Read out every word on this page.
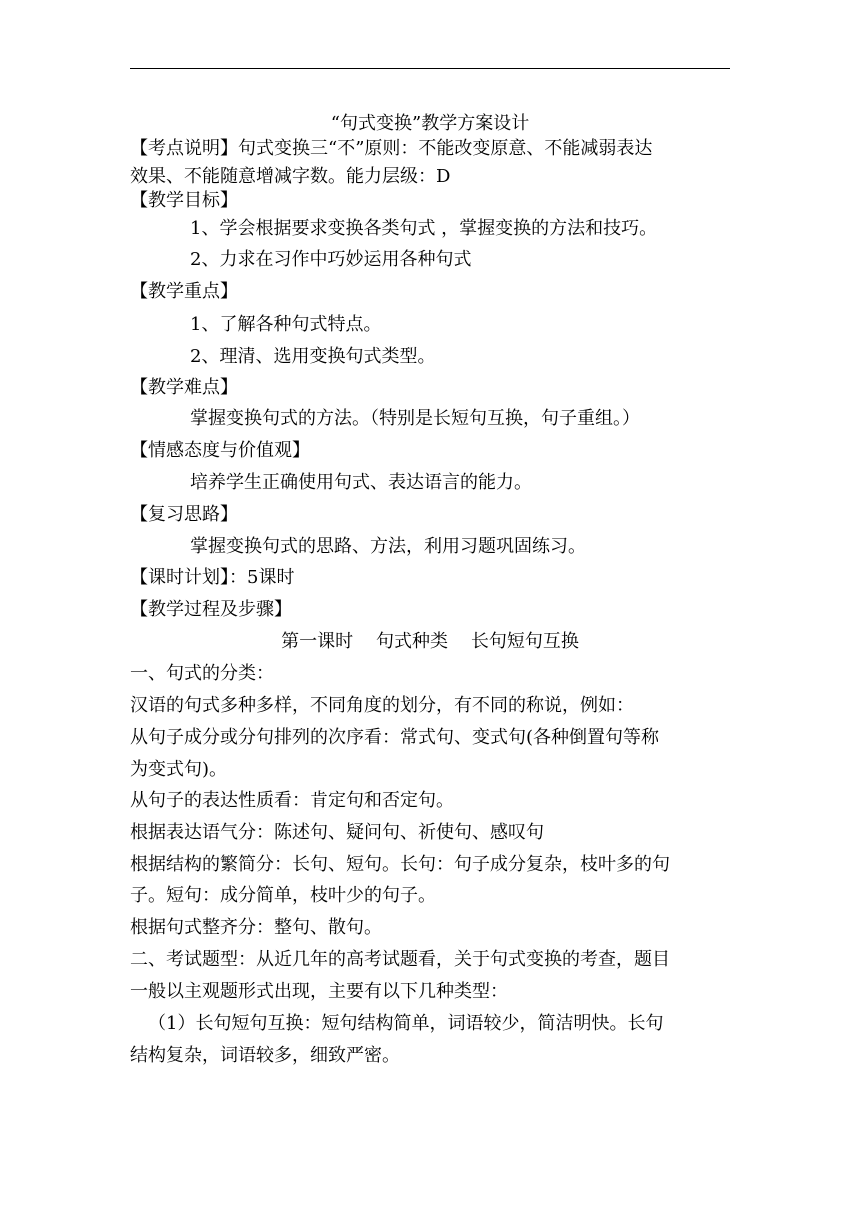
“句式变换”教学方案设计
【考点说明】句式变换三“不”原则：不能改变原意、不能减弱表达
效果、不能随意增减字数。能力层级：D
【教学目标】
1、学会根据要求变换各类句式 ，掌握变换的方法和技巧。
2、力求在习作中巧妙运用各种句式
【教学重点】
1、了解各种句式特点。
2、理清、选用变换句式类型。
【教学难点】
掌握变换句式的方法。（特别是长短句互换，句子重组。）
【情感态度与价值观】
培养学生正确使用句式、表达语言的能力。
【复习思路】
掌握变换句式的思路、方法，利用习题巩固练习。
【课时计划】：5课时
【教学过程及步骤】
第一课时    句式种类    长句短句互换
一、句式的分类：
汉语的句式多种多样，不同角度的划分，有不同的称说，例如：
从句子成分或分句排列的次序看：常式句、变式句(各种倒置句等称
为变式句)。
从句子的表达性质看：肯定句和否定句。
根据表达语气分：陈述句、疑问句、祈使句、感叹句
根据结构的繁简分：长句、短句。长句：句子成分复杂，枝叶多的句
子。短句：成分简单，枝叶少的句子。
根据句式整齐分：整句、散句。
二、考试题型：从近几年的高考试题看，关于句式变换的考查，题目
一般以主观题形式出现，主要有以下几种类型：
（1）长句短句互换：短句结构简单，词语较少，简洁明快。长句
结构复杂，词语较多，细致严密。
